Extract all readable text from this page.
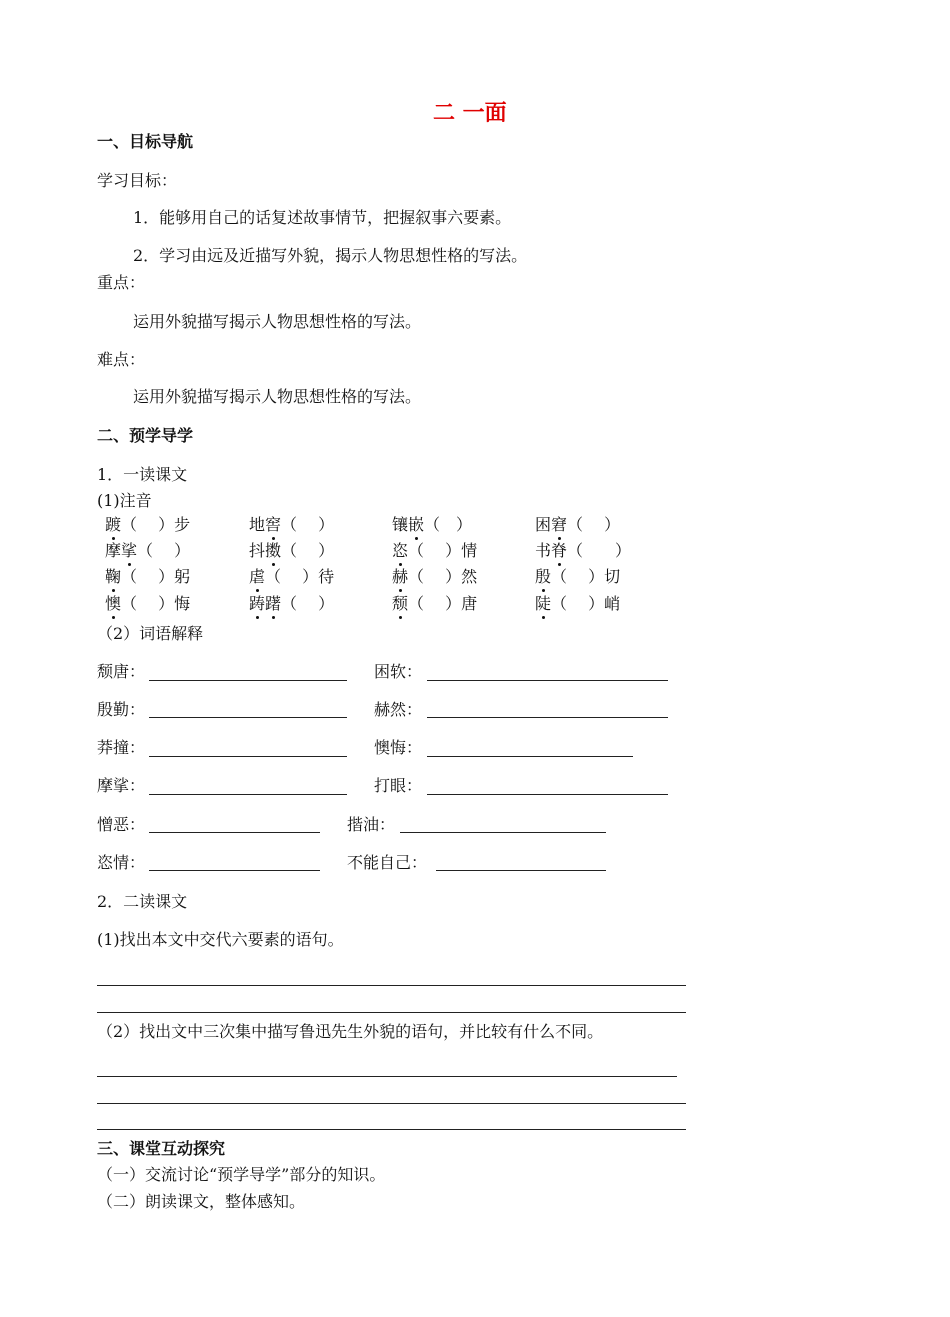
二 一面
一、目标导航
学习目标：
1．能够用自己的话复述故事情节，把握叙事六要素。
2．学习由远及近描写外貌，揭示人物思想性格的写法。
重点：
运用外貌描写揭示人物思想性格的写法。
难点：
运用外貌描写揭示人物思想性格的写法。
二、预学导学
1．一读课文
(1)注音
踱（　 ）步	地窖（　 ）	镶嵌（　）	困窘（　 ）
摩挲（　 ）	抖擞（　 ）	恣（　 ）情	书脊（　　）
鞠（　 ）躬	虐（　 ）待	赫（　 ）然	殷（　 ）切
懊（　 ）悔	踌躇（　 ）	颓（　 ）唐	陡（　 ）峭
（2）词语解释
颓唐：	困软：
殷勤：	赫然：
莽撞：	懊悔：
摩挲：	打眼：
憎恶：	揩油：
恣情：	不能自己：
2．二读课文
(1)找出本文中交代六要素的语句。
（2）找出文中三次集中描写鲁迅先生外貌的语句，并比较有什么不同。
三、课堂互动探究
（一）交流讨论“预学导学”部分的知识。
（二）朗读课文，整体感知。
